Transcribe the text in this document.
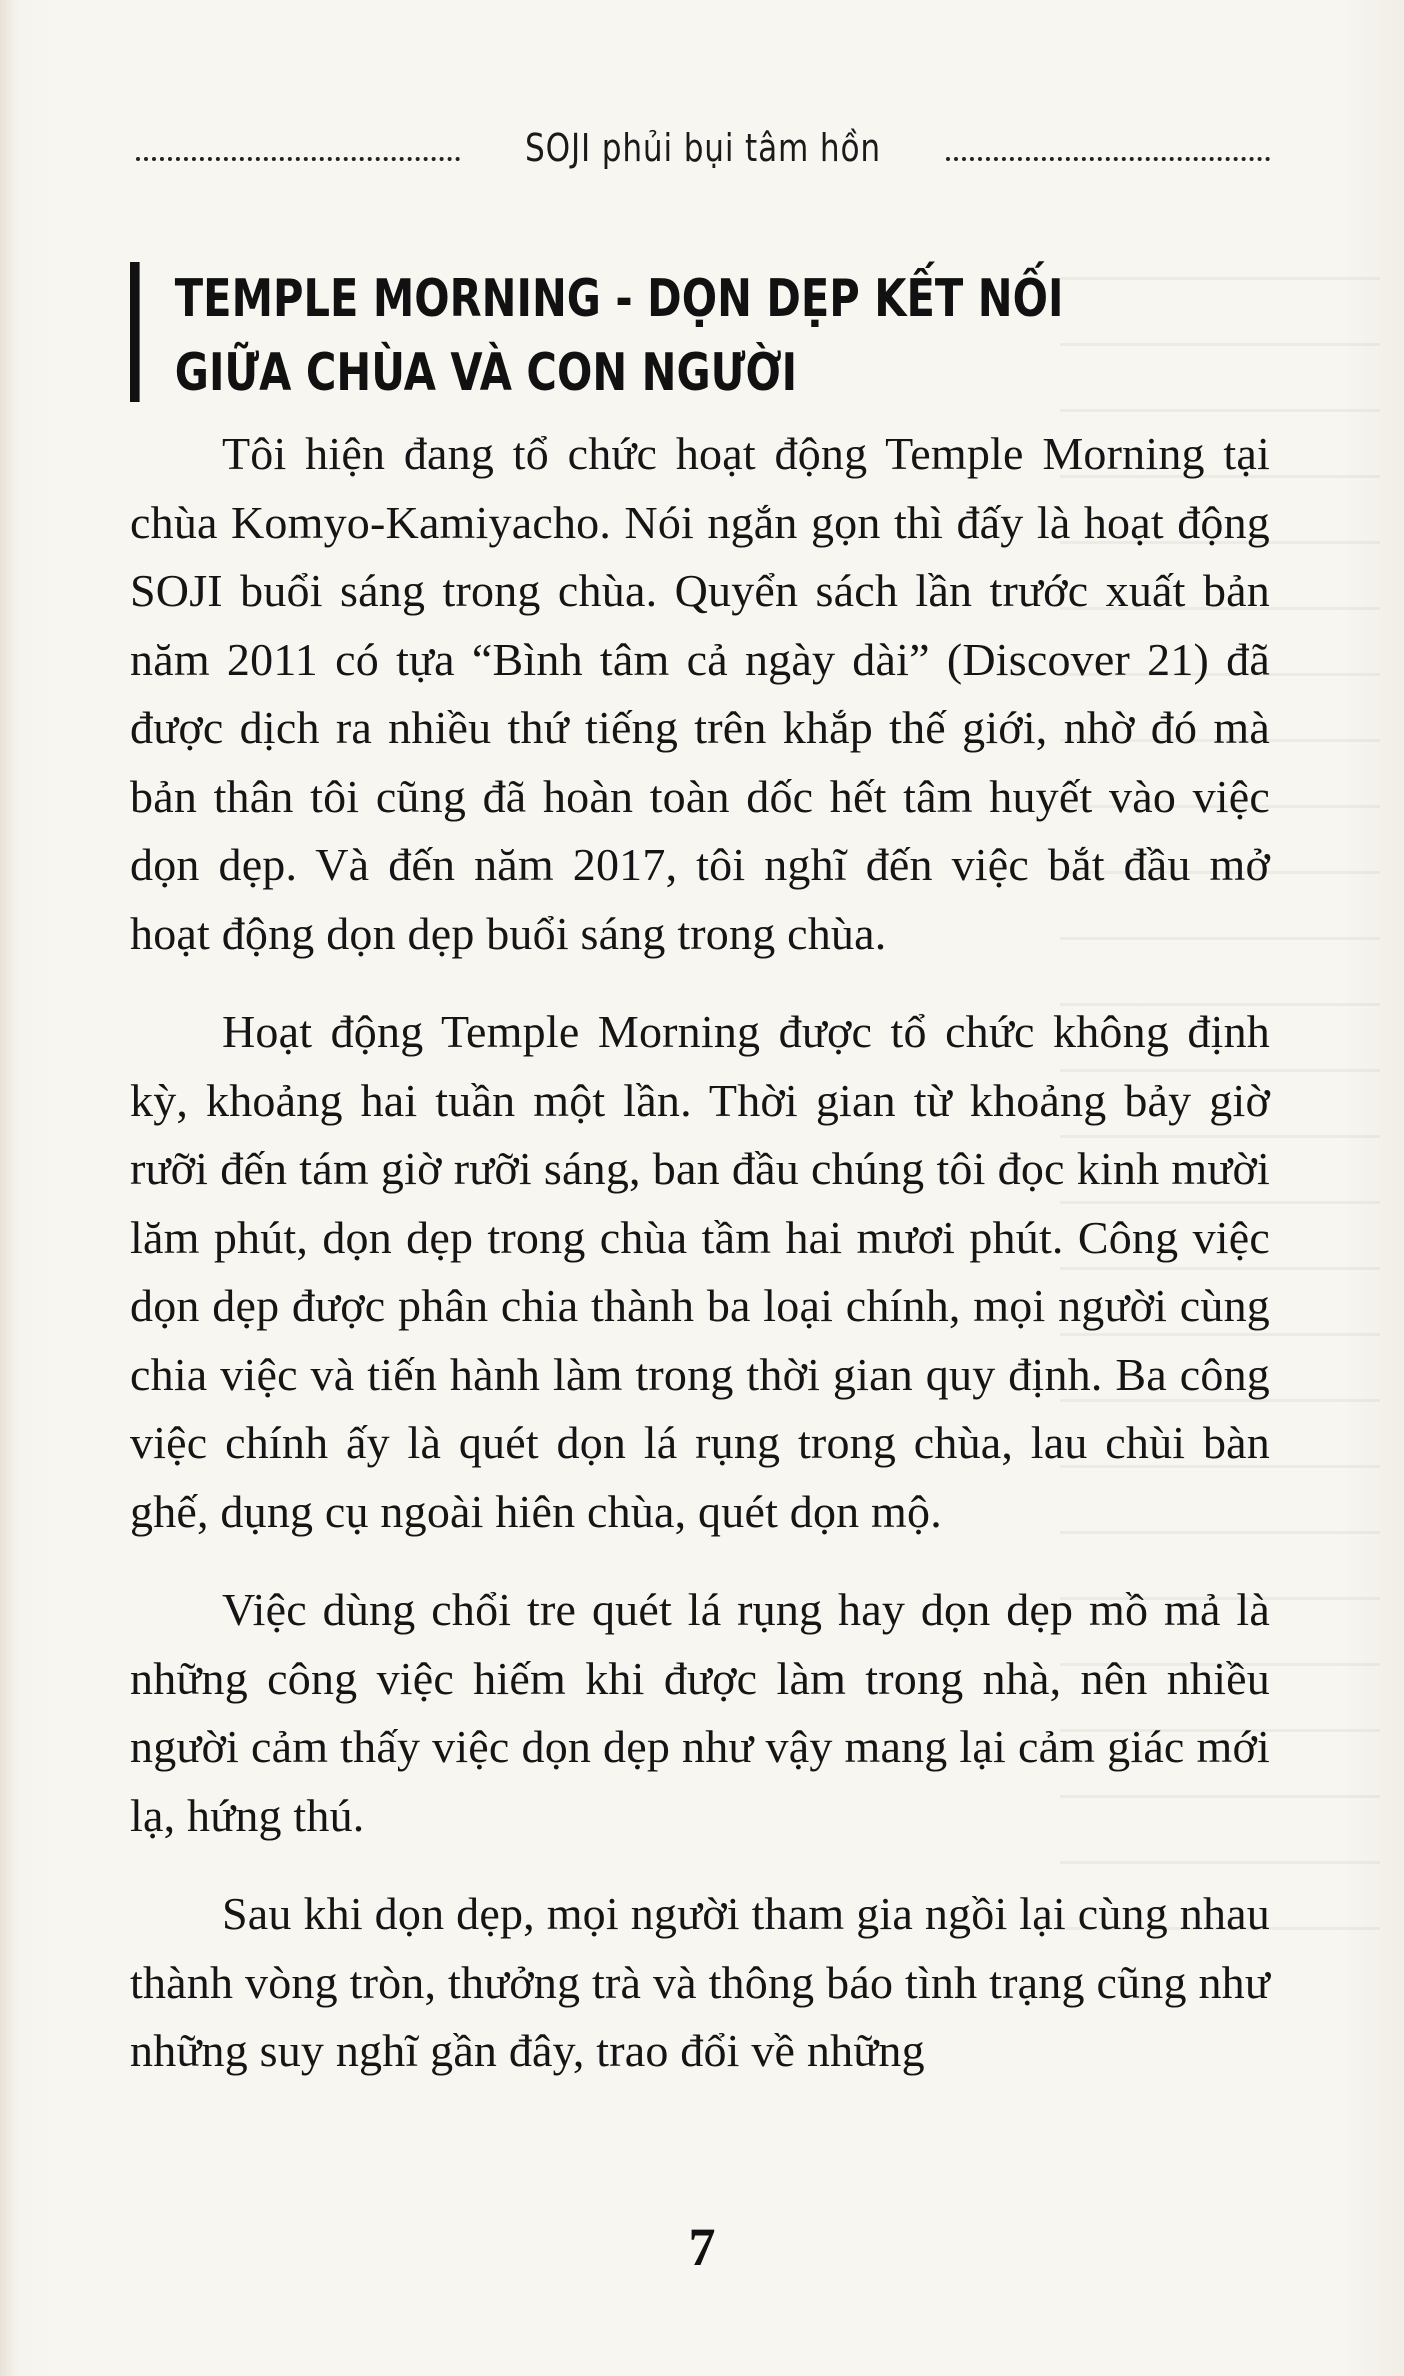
SOJI phủi bụi tâm hồn
TEMPLE MORNING - DỌN DẸP KẾT NỐI GIỮA CHÙA VÀ CON NGƯỜI

Tôi hiện đang tổ chức hoạt động Temple Morning tại chùa Komyo-Kamiyacho. Nói ngắn gọn thì đấy là hoạt động SOJI buổi sáng trong chùa. Quyển sách lần trước xuất bản năm 2011 có tựa “Bình tâm cả ngày dài” (Discover 21) đã được dịch ra nhiều thứ tiếng trên khắp thế giới, nhờ đó mà bản thân tôi cũng đã hoàn toàn dốc hết tâm huyết vào việc dọn dẹp. Và đến năm 2017, tôi nghĩ đến việc bắt đầu mở hoạt động dọn dẹp buổi sáng trong chùa.

Hoạt động Temple Morning được tổ chức không định kỳ, khoảng hai tuần một lần. Thời gian từ khoảng bảy giờ rưỡi đến tám giờ rưỡi sáng, ban đầu chúng tôi đọc kinh mười lăm phút, dọn dẹp trong chùa tầm hai mươi phút. Công việc dọn dẹp được phân chia thành ba loại chính, mọi người cùng chia việc và tiến hành làm trong thời gian quy định. Ba công việc chính ấy là quét dọn lá rụng trong chùa, lau chùi bàn ghế, dụng cụ ngoài hiên chùa, quét dọn mộ.

Việc dùng chổi tre quét lá rụng hay dọn dẹp mồ mả là những công việc hiếm khi được làm trong nhà, nên nhiều người cảm thấy việc dọn dẹp như vậy mang lại cảm giác mới lạ, hứng thú.

Sau khi dọn dẹp, mọi người tham gia ngồi lại cùng nhau thành vòng tròn, thưởng trà và thông báo tình trạng cũng như những suy nghĩ gần đây, trao đổi về những

7
